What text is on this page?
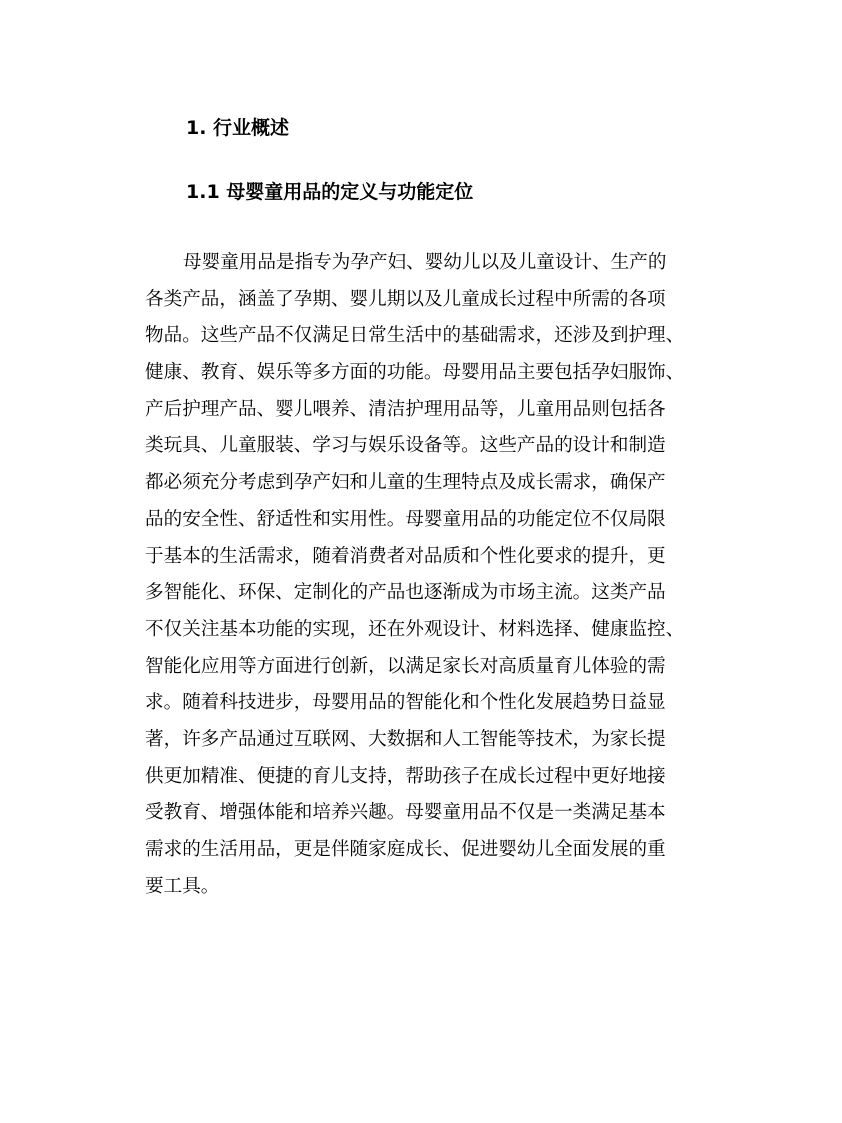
1. 行业概述
1.1 母婴童用品的定义与功能定位
母婴童用品是指专为孕产妇、婴幼儿以及儿童设计、生产的
各类产品，涵盖了孕期、婴儿期以及儿童成长过程中所需的各项
物品。这些产品不仅满足日常生活中的基础需求，还涉及到护理、
健康、教育、娱乐等多方面的功能。母婴用品主要包括孕妇服饰、
产后护理产品、婴儿喂养、清洁护理用品等，儿童用品则包括各
类玩具、儿童服装、学习与娱乐设备等。这些产品的设计和制造
都必须充分考虑到孕产妇和儿童的生理特点及成长需求，确保产
品的安全性、舒适性和实用性。母婴童用品的功能定位不仅局限
于基本的生活需求，随着消费者对品质和个性化要求的提升，更
多智能化、环保、定制化的产品也逐渐成为市场主流。这类产品
不仅关注基本功能的实现，还在外观设计、材料选择、健康监控、
智能化应用等方面进行创新，以满足家长对高质量育儿体验的需
求。随着科技进步，母婴用品的智能化和个性化发展趋势日益显
著，许多产品通过互联网、大数据和人工智能等技术，为家长提
供更加精准、便捷的育儿支持，帮助孩子在成长过程中更好地接
受教育、增强体能和培养兴趣。母婴童用品不仅是一类满足基本
需求的生活用品，更是伴随家庭成长、促进婴幼儿全面发展的重
要工具。
